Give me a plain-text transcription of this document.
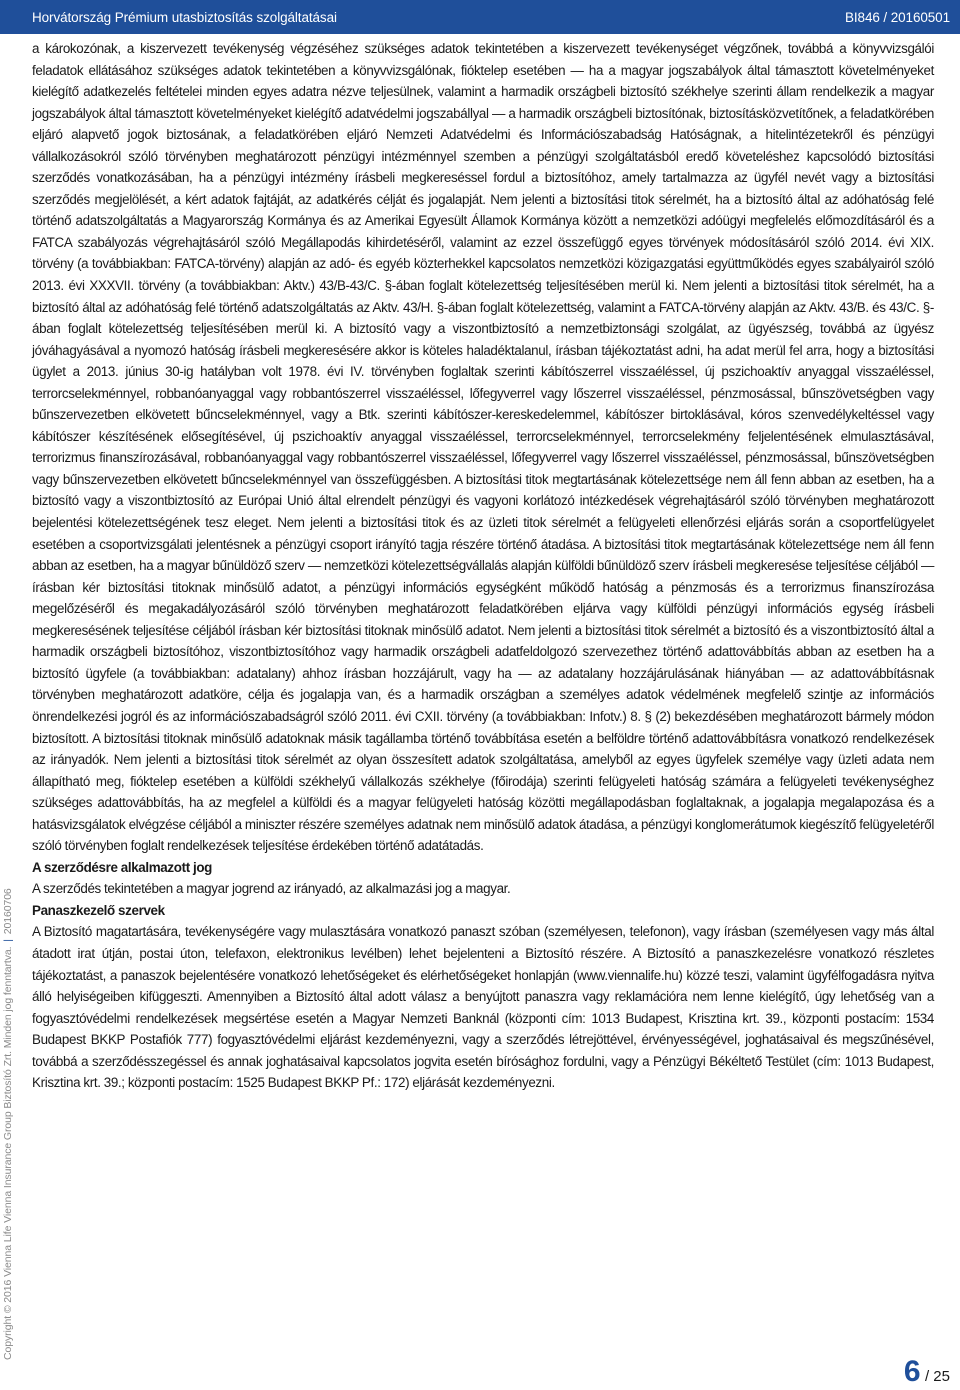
Horvátország Prémium utasbiztosítás szolgáltatásai	BI846 / 20160501
Copyright © 2016 Vienna Life Vienna Insurance Group Biztosító Zrt. Minden jog fenntartva. | 20160706

a károkozónak, a kiszervezett tevékenység végzéséhez szükséges adatok tekintetében a kiszervezett tevékenységet végzőnek, továbbá a könyvvizsgálói feladatok ellátásához szükséges adatok tekintetében a könyvvizsgálónak, fióktelep esetében — ha a magyar jogszabályok által támasztott követelményeket kielégítő adatkezelés feltételei minden egyes adatra nézve teljesülnek, valamint a harmadik országbeli biztosító székhelye szerinti állam rendelkezik a magyar jogszabályok által támasztott követelményeket kielégítő adatvédelmi jogszabállyal — a harmadik országbeli biztosítónak, biztosításközvetítőnek, a feladatkörében eljáró alapvető jogok biztosának, a feladatkörében eljáró Nemzeti Adatvédelmi és Információszabadság Hatóságnak, a hitelintézetekről és pénzügyi vállalkozásokról szóló törvényben meghatározott pénzügyi intézménnyel szemben a pénzügyi szolgáltatásból eredő követeléshez kapcsolódó biztosítási szerződés vonatkozásában, ha a pénzügyi intézmény írásbeli megkereséssel fordul a biztosítóhoz, amely tartalmazza az ügyfél nevét vagy a biztosítási szerződés megjelölését, a kért adatok fajtáját, az adatkérés célját és jogalapját. Nem jelenti a biztosítási titok sérelmét, ha a biztosító által az adóhatóság felé történő adatszolgáltatás a Magyarország Kormánya és az Amerikai Egyesült Államok Kormánya között a nemzetközi adóügyi megfelelés előmozdításáról és a FATCA szabályozás végrehajtásáról szóló Megállapodás kihirdetéséről, valamint az ezzel összefüggő egyes törvények módosításáról szóló 2014. évi XIX. törvény (a továbbiakban: FATCA-törvény) alapján az adó- és egyéb közterhekkel kapcsolatos nemzetközi közigazgatási együttműködés egyes szabályairól szóló 2013. évi XXXVII. törvény (a továbbiakban: Aktv.) 43/B-43/C. §-ában foglalt kötelezettség teljesítésében merül ki. Nem jelenti a biztosítási titok sérelmét, ha a biztosító által az adóhatóság felé történő adatszolgáltatás az Aktv. 43/H. §-ában foglalt kötelezettség, valamint a FATCA-törvény alapján az Aktv. 43/B. és 43/C. §-ában foglalt kötelezettség teljesítésében merül ki. A biztosító vagy a viszontbiztosító a nemzetbiztonsági szolgálat, az ügyészség, továbbá az ügyész jóváhagyásával a nyomozó hatóság írásbeli megkeresésére akkor is köteles haladéktalanul, írásban tájékoztatást adni, ha adat merül fel arra, hogy a biztosítási ügylet a 2013. június 30-ig hatályban volt 1978. évi IV. törvényben foglaltak szerinti kábítószerrel visszaéléssel, új pszichoaktív anyaggal visszaéléssel, terrorcselekménnyel, robbanóanyaggal vagy robbantószerrel visszaéléssel, lőfegyverrel vagy lőszerrel visszaéléssel, pénzmosással, bűnszövetségben vagy bűnszervezetben elkövetett bűncselekménnyel, vagy a Btk. szerinti kábítószer-kereskedelemmel, kábítószer birtoklásával, kóros szenvedélykeltéssel vagy kábítószer készítésének elősegítésével, új pszichoaktív anyaggal visszaéléssel, terrorcselekménnyel, terrorcselekmény feljelentésének elmulasztásával, terrorizmus finanszírozásával, robbanóanyaggal vagy robbantószerrel visszaéléssel, lőfegyverrel vagy lőszerrel visszaéléssel, pénzmosással, bűnszövetségben vagy bűnszervezetben elkövetett bűncselekménnyel van összefüggésben. A biztosítási titok megtartásának kötelezettsége nem áll fenn abban az esetben, ha a biztosító vagy a viszontbiztosító az Európai Unió által elrendelt pénzügyi és vagyoni korlátozó intézkedések végrehajtásáról szóló törvényben meghatározott bejelentési kötelezettségének tesz eleget. Nem jelenti a biztosítási titok és az üzleti titok sérelmét a felügyeleti ellenőrzési eljárás során a csoportfelügyelet esetében a csoportvizsgálati jelentésnek a pénzügyi csoport irányító tagja részére történő átadása. A biztosítási titok megtartásának kötelezettsége nem áll fenn abban az esetben, ha a magyar bűnüldöző szerv — nemzetközi kötelezettségvállalás alapján külföldi bűnüldöző szerv írásbeli megkeresése teljesítése céljából — írásban kér biztosítási titoknak minősülő adatot, a pénzügyi információs egységként működő hatóság a pénzmosás és a terrorizmus finanszírozása megelőzéséről és megakadályozásáról szóló törvényben meghatározott feladatkörében eljárva vagy külföldi pénzügyi információs egység írásbeli megkeresésének teljesítése céljából írásban kér biztosítási titoknak minősülő adatot. Nem jelenti a biztosítási titok sérelmét a biztosító és a viszontbiztosító által a harmadik országbeli biztosítóhoz, viszontbiztosítóhoz vagy harmadik országbeli adatfeldolgozó szervezethez történő adattovábbítás abban az esetben ha a biztosító ügyfele (a továbbiakban: adatalany) ahhoz írásban hozzájárult, vagy ha — az adatalany hozzájárulásának hiányában — az adattovábbításnak törvényben meghatározott adatköre, célja és jogalapja van, és a harmadik országban a személyes adatok védelmének megfelelő szintje az információs önrendelkezési jogról és az információszabadságról szóló 2011. évi CXII. törvény (a továbbiakban: Infotv.) 8. § (2) bekezdésében meghatározott bármely módon biztosított. A biztosítási titoknak minősülő adatoknak másik tagállamba történő továbbítása esetén a belföldre történő adattovábbításra vonatkozó rendelkezések az irányadók. Nem jelenti a biztosítási titok sérelmét az olyan összesített adatok szolgáltatása, amelyből az egyes ügyfelek személye vagy üzleti adata nem állapítható meg, fióktelep esetében a külföldi székhelyű vállalkozás székhelye (főirodája) szerinti felügyeleti hatóság számára a felügyeleti tevékenységhez szükséges adattovábbítás, ha az megfelel a külföldi és a magyar felügyeleti hatóság közötti megállapodásban foglaltaknak, a jogalapja megalapozása és a hatásvizsgálatok elvégzése céljából a miniszter részére személyes adatnak nem minősülő adatok átadása, a pénzügyi konglomerátumok kiegészítő felügyeletéről szóló törvényben foglalt rendelkezések teljesítése érdekében történő adatátadás.

A szerződésre alkalmazott jog

A szerződés tekintetében a magyar jogrend az irányadó, az alkalmazási jog a magyar.

Panaszkezelő szervek

A Biztosító magatartására, tevékenységére vagy mulasztására vonatkozó panaszt szóban (személyesen, telefonon), vagy írásban (személyesen vagy más által átadott irat útján, postai úton, telefaxon, elektronikus levélben) lehet bejelenteni a Biztosító részére. A Biztosító a panaszkezelésre vonatkozó részletes tájékoztatást, a panaszok bejelentésére vonatkozó lehetőségeket és elérhetőségeket honlapján (www.viennalife.hu) közzé teszi, valamint ügyfélfogadásra nyitva álló helyiségeiben kifüggeszti. Amennyiben a Biztosító által adott válasz a benyújtott panaszra vagy reklamációra nem lenne kielégítő, úgy lehetőség van a fogyasztóvédelmi rendelkezések megsértése esetén a Magyar Nemzeti Banknál (központi cím: 1013 Budapest, Krisztina krt. 39., központi postacím: 1534 Budapest BKKP Postafiók 777) fogyasztóvédelmi eljárást kezdeményezni, vagy a szerződés létrejöttével, érvényességével, joghatásaival és megszűnésével, továbbá a szerződésszegéssel és annak joghatásaival kapcsolatos jogvita esetén bírósághoz fordulni, vagy a Pénzügyi Békéltető Testület (cím: 1013 Budapest, Krisztina krt. 39.; központi postacím: 1525 Budapest BKKP Pf.: 172) eljárását kezdeményezni.

6 / 25
